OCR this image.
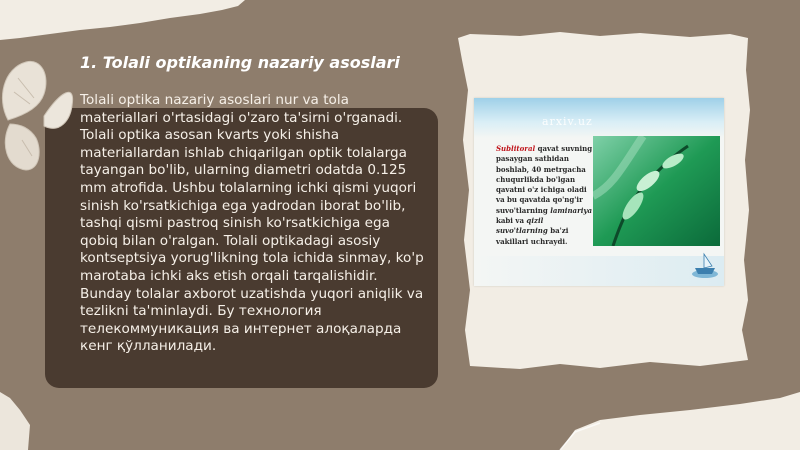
1. Tolali optikaning nazariy asoslari

Tolali optika nazariy asoslari nur va tola materiallari o'rtasidagi o'zaro ta'sirni o'rganadi. Tolali optika asosan kvarts yoki shisha materiallardan ishlab chiqarilgan optik tolalarga tayangan bo'lib, ularning diametri odatda 0.125 mm atrofida. Ushbu tolalarning ichki qismi yuqori sinish ko'rsatkichiga ega yadrodan iborat bo'lib, tashqi qismi pastroq sinish ko'rsatkichiga ega qobiq bilan o'ralgan. Tolali optikadagi asosiy kontseptsiya yorug'likning tola ichida sinmay, ko'p marotaba ichki aks etish orqali tarqalishidir. Bunday tolalar axborot uzatishda yuqori aniqlik va tezlikni ta'minlaydi. Бу технология телекоммуникация ва интернет алоқаларда кенг қўлланилади.

arxiv.uz
Sublitoral qavat suvning pasaygan sathidan boshlab, 40 metrgacha chuqurlikda bo'lgan qavatni o'z ichiga oladi va bu qavatda qo'ng'ir suvo'tlarning laminariya kabi va qizil suvo'tlarning ba'zi vakillari uchraydi.
